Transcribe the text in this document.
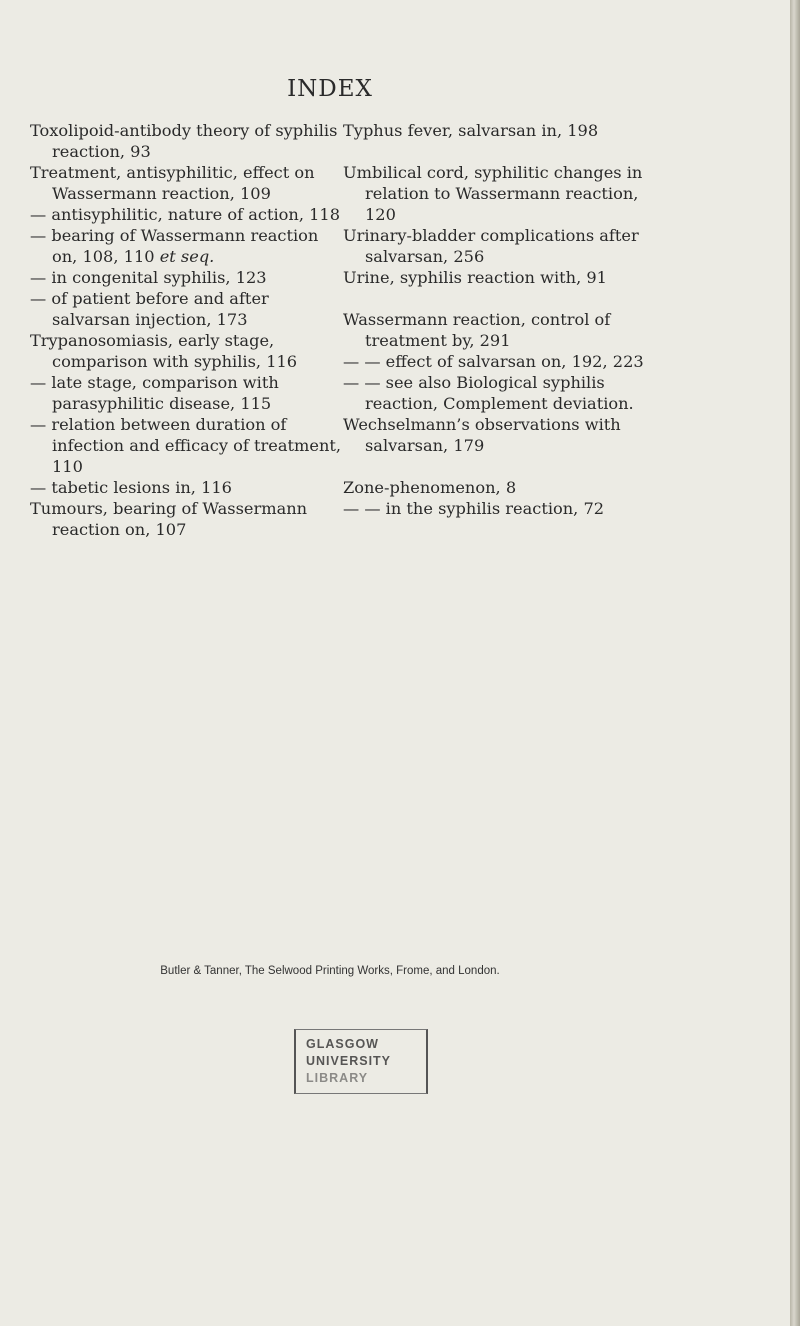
INDEX
Toxolipoid-antibody theory of syphilis reaction, 93
Treatment, antisyphilitic, effect on Wassermann reaction, 109
— antisyphilitic, nature of action, 118
— bearing of Wassermann reaction on, 108, 110 et seq.
— in congenital syphilis, 123
— of patient before and after salvarsan injection, 173
Trypanosomiasis, early stage, comparison with syphilis, 116
— late stage, comparison with parasyphilitic disease, 115
— relation between duration of infection and efficacy of treatment, 110
— tabetic lesions in, 116
Tumours, bearing of Wassermann reaction on, 107
Typhus fever, salvarsan in, 198
Umbilical cord, syphilitic changes in relation to Wassermann reaction, 120
Urinary-bladder complications after salvarsan, 256
Urine, syphilis reaction with, 91
Wassermann reaction, control of treatment by, 291
— — effect of salvarsan on, 192, 223
— — see also Biological syphilis reaction, Complement deviation.
Wechselmann’s observations with salvarsan, 179
Zone-phenomenon, 8
— — in the syphilis reaction, 72
Butler & Tanner, The Selwood Printing Works, Frome, and London.
GLASGOW
UNIVERSITY
LIBRARY
